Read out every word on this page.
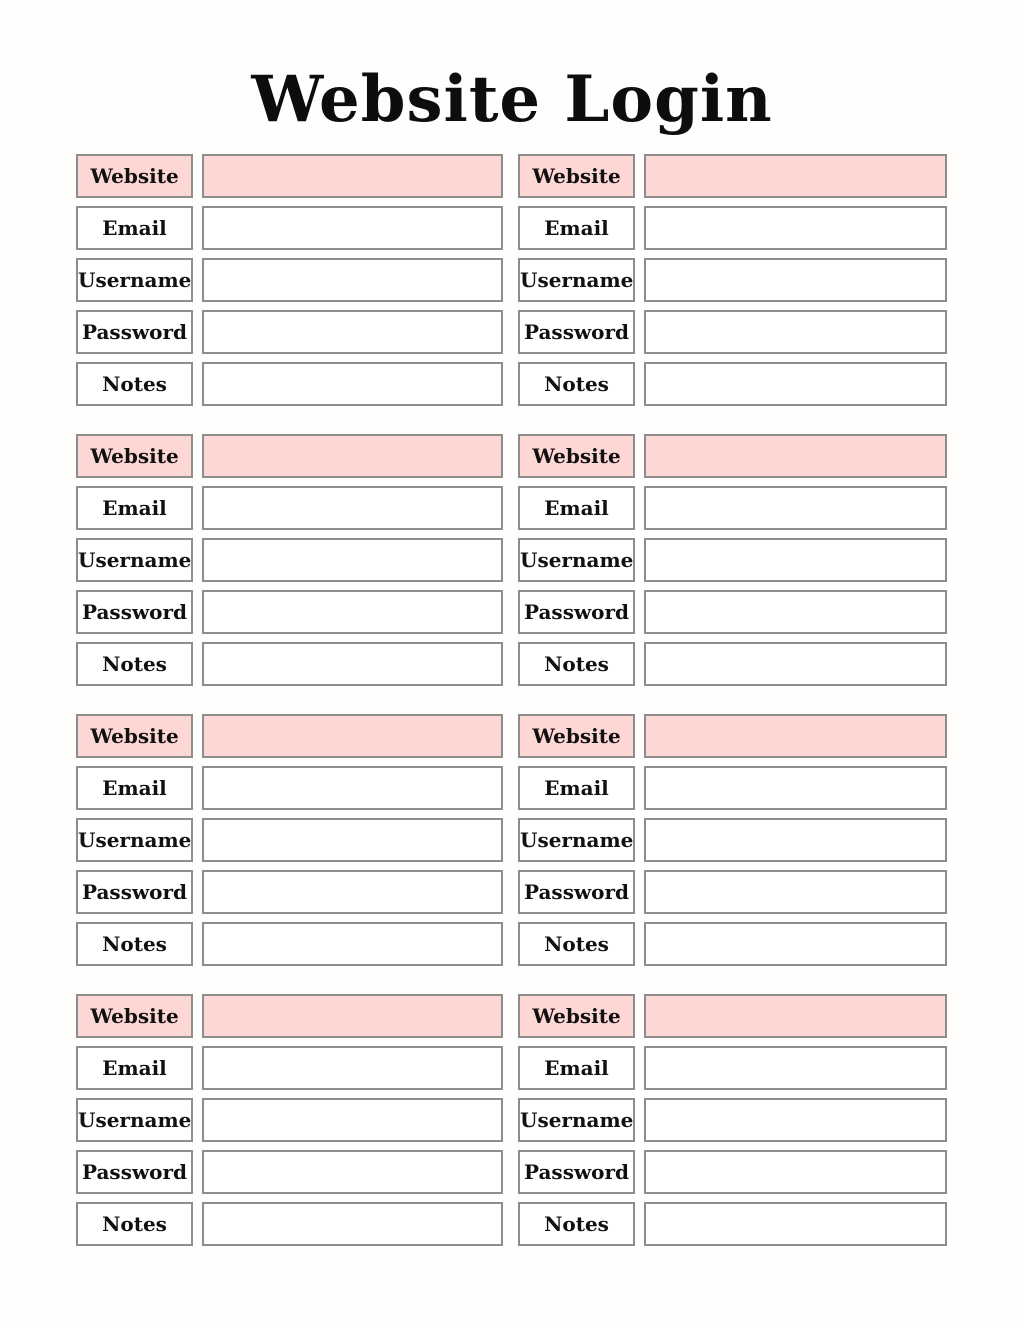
Website Login
Website
Email
Username
Password
Notes
Website
Email
Username
Password
Notes
Website
Email
Username
Password
Notes
Website
Email
Username
Password
Notes
Website
Email
Username
Password
Notes
Website
Email
Username
Password
Notes
Website
Email
Username
Password
Notes
Website
Email
Username
Password
Notes
